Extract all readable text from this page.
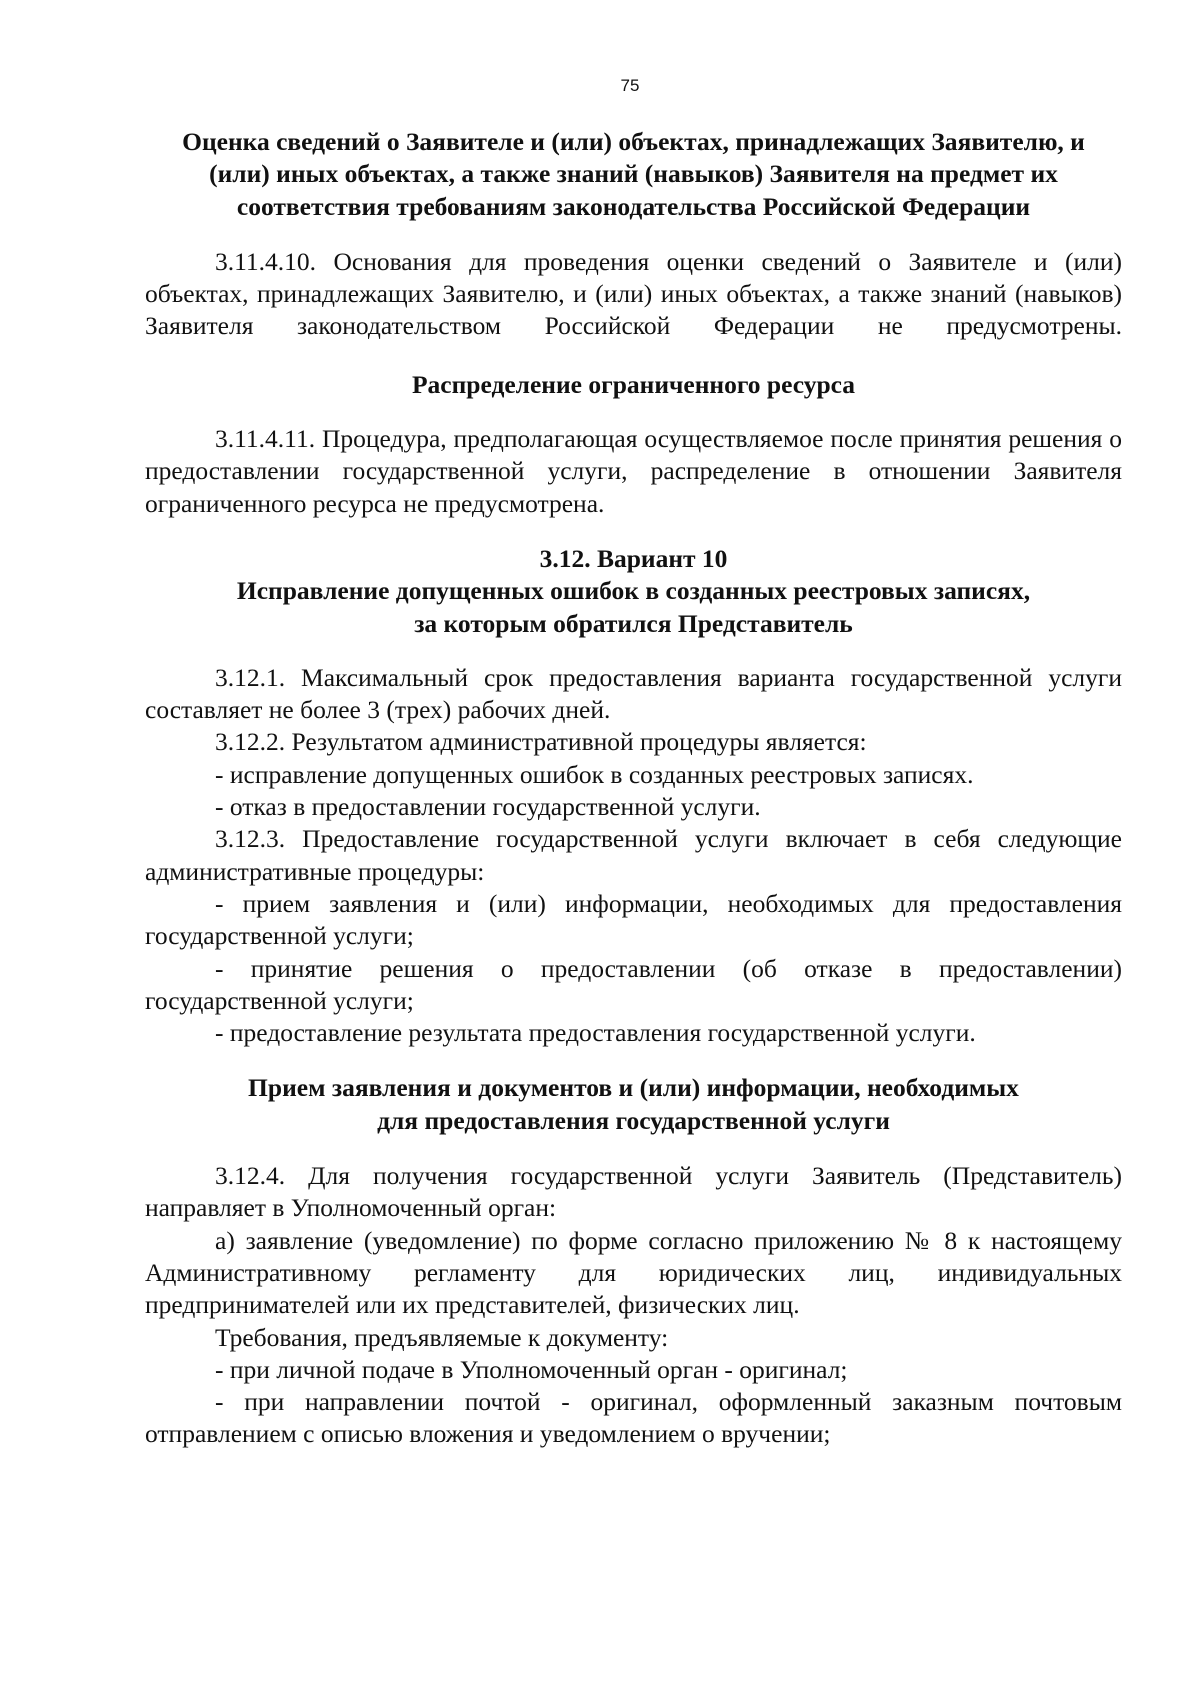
75

Оценка сведений о Заявителе и (или) объектах, принадлежащих Заявителю, и (или) иных объектах, а также знаний (навыков) Заявителя на предмет их соответствия требованиям законодательства Российской Федерации

3.11.4.10. Основания для проведения оценки сведений о Заявителе и (или) объектах, принадлежащих Заявителю, и (или) иных объектах, а также знаний (навыков) Заявителя законодательством Российской Федерации не предусмотрены.

Распределение ограниченного ресурса

3.11.4.11. Процедура, предполагающая осуществляемое после принятия решения о предоставлении государственной услуги, распределение в отношении Заявителя ограниченного ресурса не предусмотрена.

3.12. Вариант 10

Исправление допущенных ошибок в созданных реестровых записях,

за которым обратился Представитель

3.12.1. Максимальный срок предоставления варианта государственной услуги составляет не более 3 (трех) рабочих дней.

3.12.2. Результатом административной процедуры является:

- исправление допущенных ошибок в созданных реестровых записях.

- отказ в предоставлении государственной услуги.

3.12.3. Предоставление государственной услуги включает в себя следующие административные процедуры:

- прием заявления и (или) информации, необходимых для предоставления государственной услуги;

- принятие решения о предоставлении (об отказе в предоставлении) государственной услуги;

- предоставление результата предоставления государственной услуги.

Прием заявления и документов и (или) информации, необходимых

для предоставления государственной услуги

3.12.4. Для получения государственной услуги Заявитель (Представитель) направляет в Уполномоченный орган:

а) заявление (уведомление) по форме согласно приложению № 8 к настоящему Административному регламенту для юридических лиц, индивидуальных предпринимателей или их представителей, физических лиц.

Требования, предъявляемые к документу:

- при личной подаче в Уполномоченный орган - оригинал;

- при направлении почтой - оригинал, оформленный заказным почтовым отправлением с описью вложения и уведомлением о вручении;
